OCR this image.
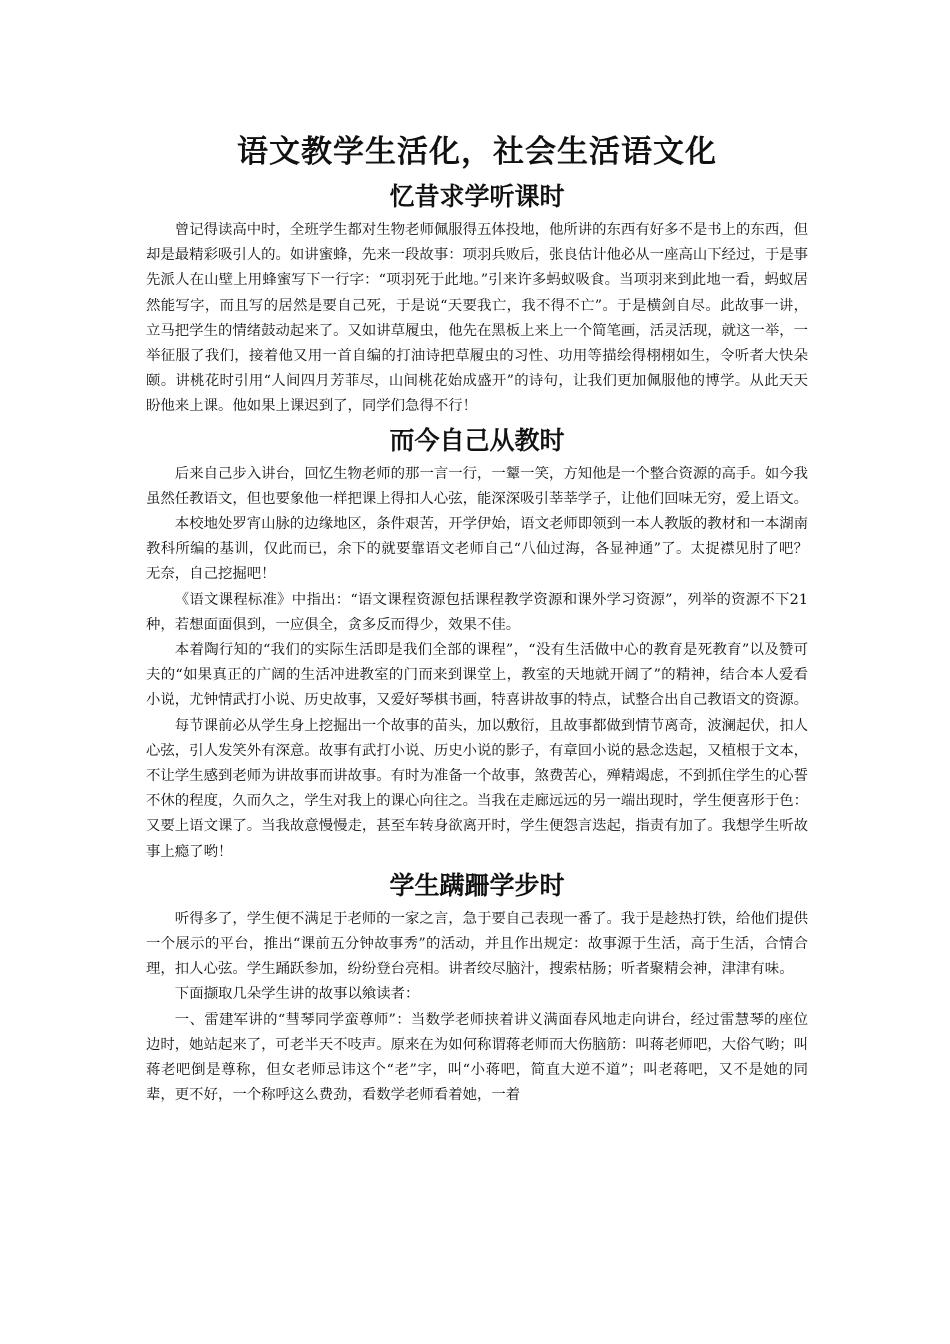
语文教学生活化，社会生活语文化
忆昔求学听课时

曾记得读高中时，全班学生都对生物老师佩服得五体投地，他所讲的东西有好多不是书上的东西，但却是最精彩吸引人的。如讲蜜蜂，先来一段故事：项羽兵败后，张良估计他必从一座高山下经过，于是事先派人在山壁上用蜂蜜写下一行字：“项羽死于此地。”引来许多蚂蚁吸食。当项羽来到此地一看，蚂蚁居然能写字，而且写的居然是要自己死，于是说“天要我亡，我不得不亡”。于是横剑自尽。此故事一讲，立马把学生的情绪鼓动起来了。又如讲草履虫，他先在黑板上来上一个简笔画，活灵活现，就这一举，一举征服了我们，接着他又用一首自编的打油诗把草履虫的习性、功用等描绘得栩栩如生，令听者大快朵颐。讲桃花时引用“人间四月芳菲尽，山间桃花始成盛开”的诗句，让我们更加佩服他的博学。从此天天盼他来上课。他如果上课迟到了，同学们急得不行！

而今自己从教时

后来自己步入讲台，回忆生物老师的那一言一行，一颦一笑，方知他是一个整合资源的高手。如今我虽然任教语文，但也要象他一样把课上得扣人心弦，能深深吸引莘莘学子，让他们回味无穷，爱上语文。

本校地处罗宵山脉的边缘地区，条件艰苦，开学伊始，语文老师即领到一本人教版的教材和一本湖南教科所编的基训，仅此而已，余下的就要靠语文老师自己“八仙过海，各显神通”了。太捉襟见肘了吧？无奈，自己挖掘吧！

《语文课程标准》中指出：“语文课程资源包括课程教学资源和课外学习资源”，列举的资源不下21种，若想面面俱到，一应俱全，贪多反而得少，效果不佳。

本着陶行知的“我们的实际生活即是我们全部的课程”，“没有生活做中心的教育是死教育”以及赞可夫的“如果真正的广阔的生活冲进教室的门而来到课堂上，教室的天地就开阔了”的精神，结合本人爱看小说，尤钟情武打小说、历史故事，又爱好琴棋书画，特喜讲故事的特点，试整合出自己教语文的资源。

每节课前必从学生身上挖掘出一个故事的苗头，加以敷衍，且故事都做到情节离奇，波澜起伏，扣人心弦，引人发笑外有深意。故事有武打小说、历史小说的影子，有章回小说的悬念迭起，又植根于文本，不让学生感到老师为讲故事而讲故事。有时为准备一个故事，煞费苦心，殚精竭虑，不到抓住学生的心誓不休的程度，久而久之，学生对我上的课心向往之。当我在走廊远远的另一端出现时，学生便喜形于色：又要上语文课了。当我故意慢慢走，甚至车转身欲离开时，学生便怨言迭起，指责有加了。我想学生听故事上瘾了哟！

学生蹒跚学步时

听得多了，学生便不满足于老师的一家之言，急于要自己表现一番了。我于是趁热打铁，给他们提供一个展示的平台，推出“课前五分钟故事秀”的活动，并且作出规定：故事源于生活，高于生活，合情合理，扣人心弦。学生踊跃参加，纷纷登台亮相。讲者绞尽脑汁，搜索枯肠；听者聚精会神，津津有味。

下面撷取几朵学生讲的故事以飨读者：

一、雷建军讲的“彗琴同学蛮尊师”：当数学老师挟着讲义满面春风地走向讲台，经过雷慧琴的座位边时，她站起来了，可老半天不吱声。原来在为如何称谓蒋老师而大伤脑筋：叫蒋老师吧，大俗气哟；叫蒋老吧倒是尊称，但女老师忌讳这个“老”字，叫“小蒋吧，简直大逆不道”；叫老蒋吧，又不是她的同辈，更不好，一个称呼这么费劲，看数学老师看着她，一着
